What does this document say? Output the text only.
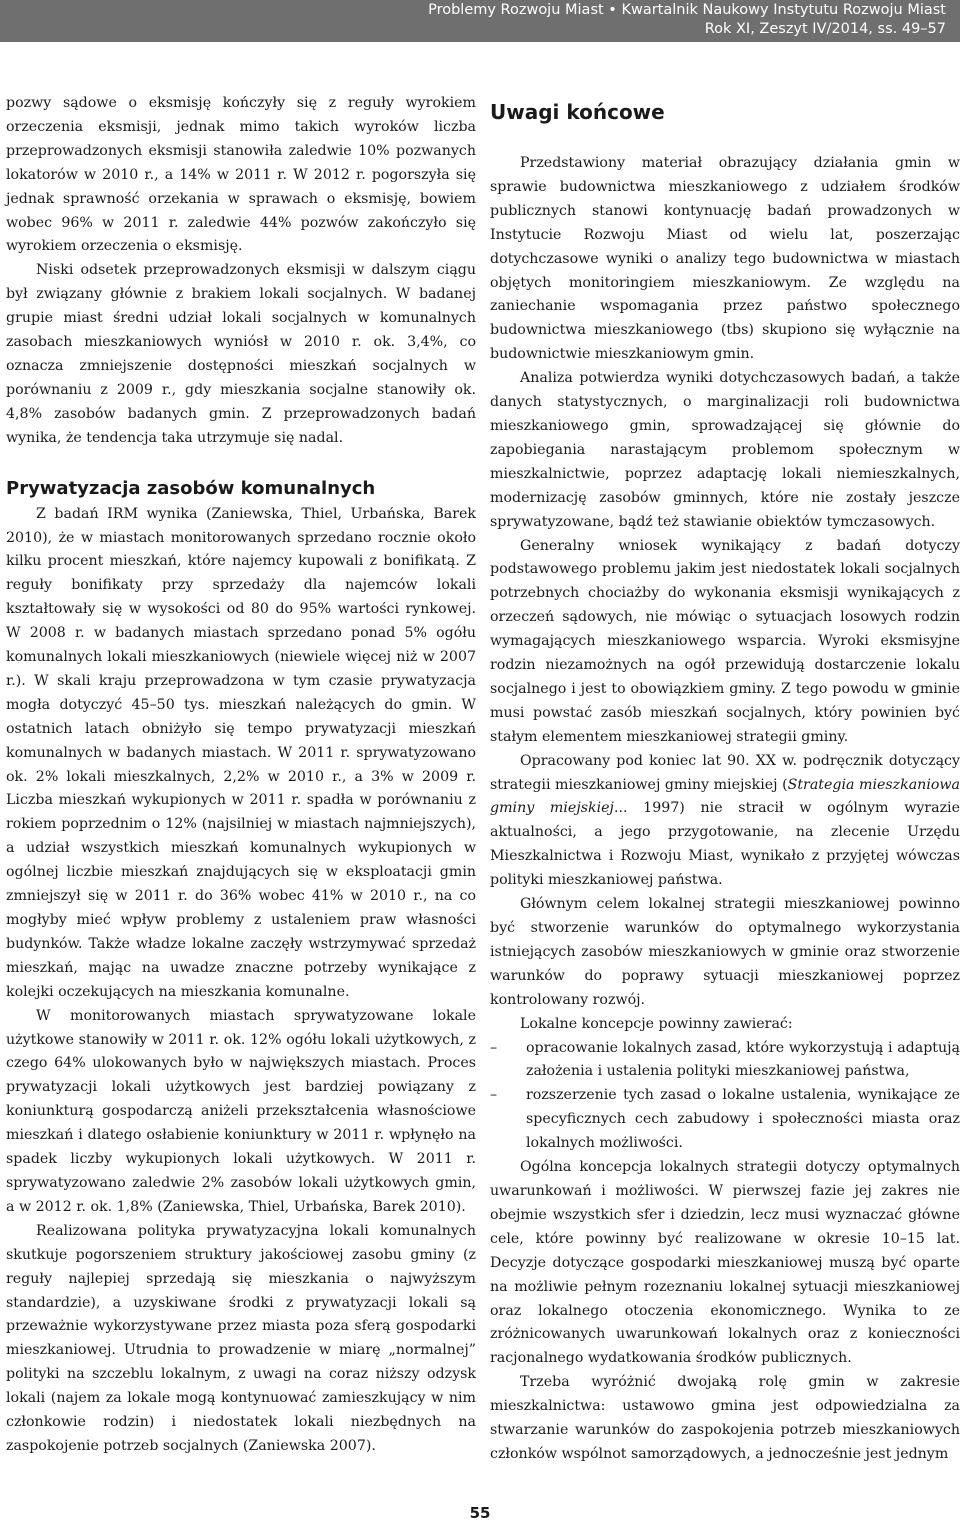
Problemy Rozwoju Miast • Kwartalnik Naukowy Instytutu Rozwoju Miast
Rok XI, Zeszyt IV/2014, ss. 49–57

pozwy sądowe o eksmisję kończyły się z reguły wyrokiem orzeczenia eksmisji, jednak mimo takich wyroków liczba przeprowadzonych eksmisji stanowiła zaledwie 10% pozwanych lokatorów w 2010 r., a 14% w 2011 r. W 2012 r. pogorszyła się jednak sprawność orzekania w sprawach o eksmisję, bowiem wobec 96% w 2011 r. zaledwie 44% pozwów zakończyło się wyrokiem orzeczenia o eksmisję.

Niski odsetek przeprowadzonych eksmisji w dalszym ciągu był związany głównie z brakiem lokali socjalnych. W badanej grupie miast średni udział lokali socjalnych w komunalnych zasobach mieszkaniowych wyniósł w 2010 r. ok. 3,4%, co oznacza zmniejszenie dostępności mieszkań socjalnych w porównaniu z 2009 r., gdy mieszkania socjalne stanowiły ok. 4,8% zasobów badanych gmin. Z przeprowadzonych badań wynika, że tendencja taka utrzymuje się nadal.

Prywatyzacja zasobów komunalnych

Z badań IRM wynika (Zaniewska, Thiel, Urbańska, Barek 2010), że w miastach monitorowanych sprzedano rocznie około kilku procent mieszkań, które najemcy kupowali z bonifikatą. Z reguły bonifikaty przy sprzedaży dla najemców lokali kształtowały się w wysokości od 80 do 95% wartości rynkowej. W 2008 r. w badanych miastach sprzedano ponad 5% ogółu komunalnych lokali mieszkaniowych (niewiele więcej niż w 2007 r.). W skali kraju przeprowadzona w tym czasie prywatyzacja mogła dotyczyć 45–50 tys. mieszkań należących do gmin. W ostatnich latach obniżyło się tempo prywatyzacji mieszkań komunalnych w badanych miastach. W 2011 r. sprywatyzowano ok. 2% lokali mieszkalnych, 2,2% w 2010 r., a 3% w 2009 r. Liczba mieszkań wykupionych w 2011 r. spadła w porównaniu z rokiem poprzednim o 12% (najsilniej w miastach najmniejszych), a udział wszystkich mieszkań komunalnych wykupionych w ogólnej liczbie mieszkań znajdujących się w eksploatacji gmin zmniejszył się w 2011 r. do 36% wobec 41% w 2010 r., na co mogłyby mieć wpływ problemy z ustaleniem praw własności budynków. Także władze lokalne zaczęły wstrzymywać sprzedaż mieszkań, mając na uwadze znaczne potrzeby wynikające z kolejki oczekujących na mieszkania komunalne.

W monitorowanych miastach sprywatyzowane lokale użytkowe stanowiły w 2011 r. ok. 12% ogółu lokali użytkowych, z czego 64% ulokowanych było w największych miastach. Proces prywatyzacji lokali użytkowych jest bardziej powiązany z koniunkturą gospodarczą aniżeli przekształcenia własnościowe mieszkań i dlatego osłabienie koniunktury w 2011 r. wpłynęło na spadek liczby wykupionych lokali użytkowych. W 2011 r. sprywatyzowano zaledwie 2% zasobów lokali użytkowych gmin, a w 2012 r. ok. 1,8% (Zaniewska, Thiel, Urbańska, Barek 2010).

Realizowana polityka prywatyzacyjna lokali komunalnych skutkuje pogorszeniem struktury jakościowej zasobu gminy (z reguły najlepiej sprzedają się mieszkania o najwyższym standardzie), a uzyskiwane środki z prywatyzacji lokali są przeważnie wykorzystywane przez miasta poza sferą gospodarki mieszkaniowej. Utrudnia to prowadzenie w miarę „normalnej” polityki na szczeblu lokalnym, z uwagi na coraz niższy odzysk lokali (najem za lokale mogą kontynuować zamieszkujący w nim członkowie rodzin) i niedostatek lokali niezbędnych na zaspokojenie potrzeb socjalnych (Zaniewska 2007).

Uwagi końcowe

Przedstawiony materiał obrazujący działania gmin w sprawie budownictwa mieszkaniowego z udziałem środków publicznych stanowi kontynuację badań prowadzonych w Instytucie Rozwoju Miast od wielu lat, poszerzając dotychczasowe wyniki o analizy tego budownictwa w miastach objętych monitoringiem mieszkaniowym. Ze względu na zaniechanie wspomagania przez państwo społecznego budownictwa mieszkaniowego (tbs) skupiono się wyłącznie na budownictwie mieszkaniowym gmin.

Analiza potwierdza wyniki dotychczasowych badań, a także danych statystycznych, o marginalizacji roli budownictwa mieszkaniowego gmin, sprowadzającej się głównie do zapobiegania narastającym problemom społecznym w mieszkalnictwie, poprzez adaptację lokali niemieszkalnych, modernizację zasobów gminnych, które nie zostały jeszcze sprywatyzowane, bądź też stawianie obiektów tymczasowych.

Generalny wniosek wynikający z badań dotyczy podstawowego problemu jakim jest niedostatek lokali socjalnych potrzebnych chociażby do wykonania eksmisji wynikających z orzeczeń sądowych, nie mówiąc o sytuacjach losowych rodzin wymagających mieszkaniowego wsparcia. Wyroki eksmisyjne rodzin niezamożnych na ogół przewidują dostarczenie lokalu socjalnego i jest to obowiązkiem gminy. Z tego powodu w gminie musi powstać zasób mieszkań socjalnych, który powinien być stałym elementem mieszkaniowej strategii gminy.

Opracowany pod koniec lat 90. XX w. podręcznik dotyczący strategii mieszkaniowej gminy miejskiej (Strategia mieszkaniowa gminy miejskiej... 1997) nie stracił w ogólnym wyrazie aktualności, a jego przygotowanie, na zlecenie Urzędu Mieszkalnictwa i Rozwoju Miast, wynikało z przyjętej wówczas polityki mieszkaniowej państwa.

Głównym celem lokalnej strategii mieszkaniowej powinno być stworzenie warunków do optymalnego wykorzystania istniejących zasobów mieszkaniowych w gminie oraz stworzenie warunków do poprawy sytuacji mieszkaniowej poprzez kontrolowany rozwój.

Lokalne koncepcje powinny zawierać:

– opracowanie lokalnych zasad, które wykorzystują i adaptują założenia i ustalenia polityki mieszkaniowej państwa,
– rozszerzenie tych zasad o lokalne ustalenia, wynikające ze specyficznych cech zabudowy i społeczności miasta oraz lokalnych możliwości.

Ogólna koncepcja lokalnych strategii dotyczy optymalnych uwarunkowań i możliwości. W pierwszej fazie jej zakres nie obejmie wszystkich sfer i dziedzin, lecz musi wyznaczać główne cele, które powinny być realizowane w okresie 10–15 lat. Decyzje dotyczące gospodarki mieszkaniowej muszą być oparte na możliwie pełnym rozeznaniu lokalnej sytuacji mieszkaniowej oraz lokalnego otoczenia ekonomicznego. Wynika to ze zróżnicowanych uwarunkowań lokalnych oraz z konieczności racjonalnego wydatkowania środków publicznych.

Trzeba wyróżnić dwojaką rolę gmin w zakresie mieszkalnictwa: ustawowo gmina jest odpowiedzialna za stwarzanie warunków do zaspokojenia potrzeb mieszkaniowych członków wspólnot samorządowych, a jednocześnie jest jednym

55
